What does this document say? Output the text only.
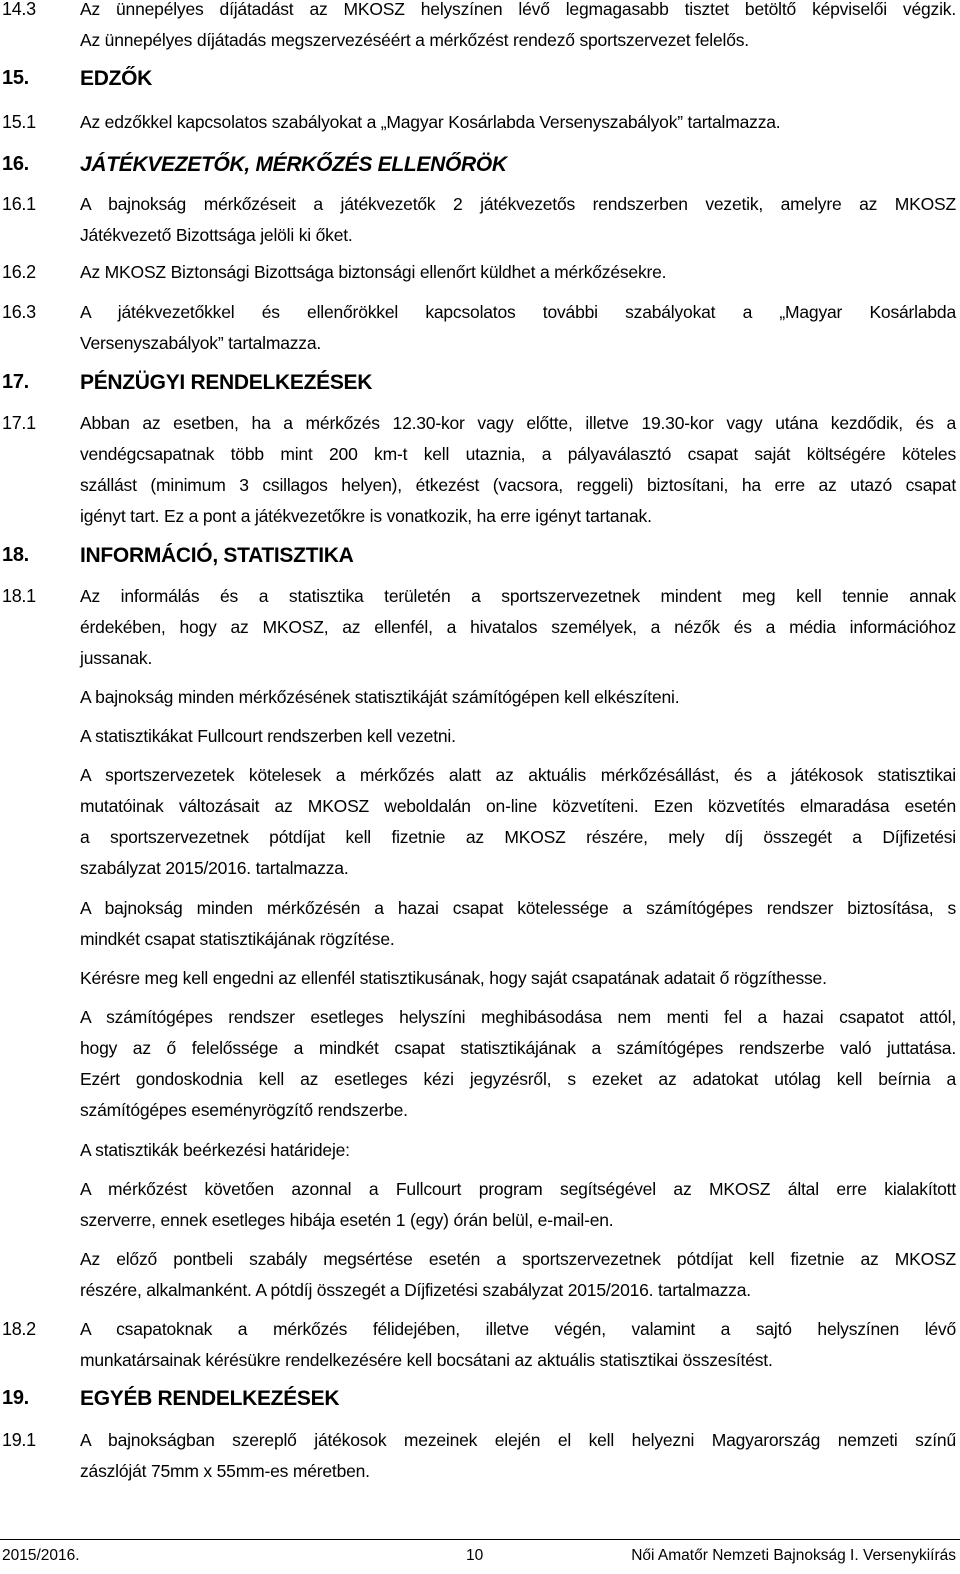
14.3	Az ünnepélyes díjátadást az MKOSZ helyszínen lévő legmagasabb tisztet betöltő képviselői végzik.
Az ünnepélyes díjátadás megszervezéséért a mérkőzést rendező sportszervezet felelős.
15. EDZŐK
15.1	Az edzőkkel kapcsolatos szabályokat a „Magyar Kosárlabda Versenyszabályok” tartalmazza.
16. JÁTÉKVEZETŐK, MÉRKŐZÉS ELLENŐRÖK
16.1	A bajnokság mérkőzéseit a játékvezetők 2 játékvezetős rendszerben vezetik, amelyre az MKOSZ
Játékvezető Bizottsága jelöli ki őket.
16.2	Az MKOSZ Biztonsági Bizottsága biztonsági ellenőrt küldhet a mérkőzésekre.
16.3	A játékvezetőkkel és ellenőrökkel kapcsolatos további szabályokat a „Magyar Kosárlabda
Versenyszabályok” tartalmazza.
17. PÉNZÜGYI RENDELKEZÉSEK
17.1	Abban az esetben, ha a mérkőzés 12.30-kor vagy előtte, illetve 19.30-kor vagy utána kezdődik, és a
vendégcsapatnak több mint 200 km-t kell utaznia, a pályaválasztó csapat saját költségére köteles
szállást (minimum 3 csillagos helyen), étkezést (vacsora, reggeli) biztosítani, ha erre az utazó csapat
igényt tart. Ez a pont a játékvezetőkre is vonatkozik, ha erre igényt tartanak.
18. INFORMÁCIÓ, STATISZTIKA
18.1	Az informálás és a statisztika területén a sportszervezetnek mindent meg kell tennie annak
érdekében, hogy az MKOSZ, az ellenfél, a hivatalos személyek, a nézők és a média információhoz
jussanak.
A bajnokság minden mérkőzésének statisztikáját számítógépen kell elkészíteni.
A statisztikákat Fullcourt rendszerben kell vezetni.
A sportszervezetek kötelesek a mérkőzés alatt az aktuális mérkőzésállást, és a játékosok statisztikai
mutatóinak változásait az MKOSZ weboldalán on-line közvetíteni. Ezen közvetítés elmaradása esetén
a sportszervezetnek pótdíjat kell fizetnie az MKOSZ részére, mely díj összegét a Díjfizetési
szabályzat 2015/2016. tartalmazza.
A bajnokság minden mérkőzésén a hazai csapat kötelessége a számítógépes rendszer biztosítása, s
mindkét csapat statisztikájának rögzítése.
Kérésre meg kell engedni az ellenfél statisztikusának, hogy saját csapatának adatait ő rögzíthesse.
A számítógépes rendszer esetleges helyszíni meghibásodása nem menti fel a hazai csapatot attól,
hogy az ő felelőssége a mindkét csapat statisztikájának a számítógépes rendszerbe való juttatása.
Ezért gondoskodnia kell az esetleges kézi jegyzésről, s ezeket az adatokat utólag kell beírnia a
számítógépes eseményrögzítő rendszerbe.
A statisztikák beérkezési határideje:
A mérkőzést követően azonnal a Fullcourt program segítségével az MKOSZ által erre kialakított
szerverre, ennek esetleges hibája esetén 1 (egy) órán belül, e-mail-en.
Az előző pontbeli szabály megsértése esetén a sportszervezetnek pótdíjat kell fizetnie az MKOSZ
részére, alkalmanként. A pótdíj összegét a Díjfizetési szabályzat 2015/2016. tartalmazza.
18.2	A csapatoknak a mérkőzés félidejében, illetve végén, valamint a sajtó helyszínen lévő
munkatársainak kérésükre rendelkezésére kell bocsátani az aktuális statisztikai összesítést.
19. EGYÉB RENDELKEZÉSEK
19.1	A bajnokságban szereplő játékosok mezeinek elején el kell helyezni Magyarország nemzeti színű
zászlóját 75mm x 55mm-es méretben.
2015/2016.	10	Női Amatőr Nemzeti Bajnokság I. Versenykiírás
